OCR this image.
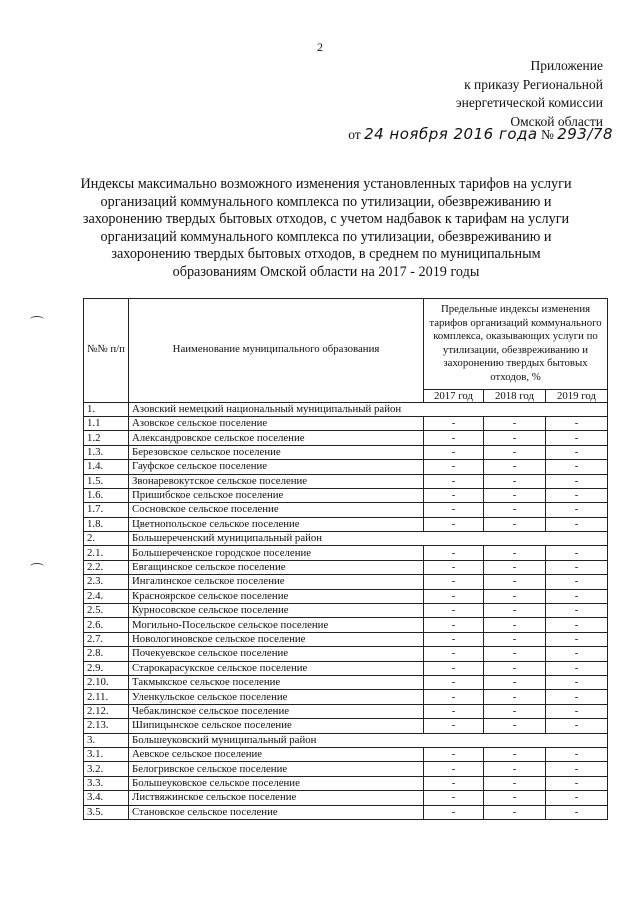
2
Приложение
к приказу Региональной
энергетической комиссии
Омской области
от 24 ноября 2016 года № 293/78
Индексы максимально возможного изменения установленных тарифов на услуги организаций коммунального комплекса по утилизации, обезвреживанию и захоронению твердых бытовых отходов, с учетом надбавок к тарифам на услуги организаций коммунального комплекса по утилизации, обезвреживанию и захоронению твердых бытовых отходов, в среднем по муниципальным образованиям Омской области на 2017 - 2019 годы
№№ п/п	Наименование муниципального образования	Предельные индексы изменения тарифов организаций коммунального комплекса, оказывающих услуги по утилизации, обезвреживанию и захоронению твердых бытовых отходов, %		
		2017 год	2018 год	2019 год
1.	Азовский немецкий национальный муниципальный район			
1.1	Азовское сельское поселение	-	-	-
1.2	Александровское сельское поселение	-	-	-
1.3.	Березовское сельское поселение	-	-	-
1.4.	Гауфское сельское поселение	-	-	-
1.5.	Звонаревокутское сельское поселение	-	-	-
1.6.	Пришибское сельское поселение	-	-	-
1.7.	Сосновское сельское поселение	-	-	-
1.8.	Цветнопольское сельское поселение	-	-	-
2.	Большереченский муниципальный район			
2.1.	Большереченское городское поселение	-	-	-
2.2.	Евгащинское сельское поселение	-	-	-
2.3.	Ингалинское сельское поселение	-	-	-
2.4.	Красноярское сельское поселение	-	-	-
2.5.	Курносовское сельское поселение	-	-	-
2.6.	Могильно-Посельское сельское поселение	-	-	-
2.7.	Новологиновское сельское поселение	-	-	-
2.8.	Почекуевское сельское поселение	-	-	-
2.9.	Старокарасукское сельское поселение	-	-	-
2.10.	Такмыкское сельское поселение	-	-	-
2.11.	Уленкульское сельское поселение	-	-	-
2.12.	Чебаклинское сельское поселение	-	-	-
2.13.	Шипицынское сельское поселение	-	-	-
3.	Большеуковский муниципальный район			
3.1.	Аевское сельское поселение	-	-	-
3.2.	Белогривское сельское поселение	-	-	-
3.3.	Большеуковское сельское поселение	-	-	-
3.4.	Листвяжинское сельское поселение	-	-	-
3.5.	Становское сельское поселение	-	-	-
